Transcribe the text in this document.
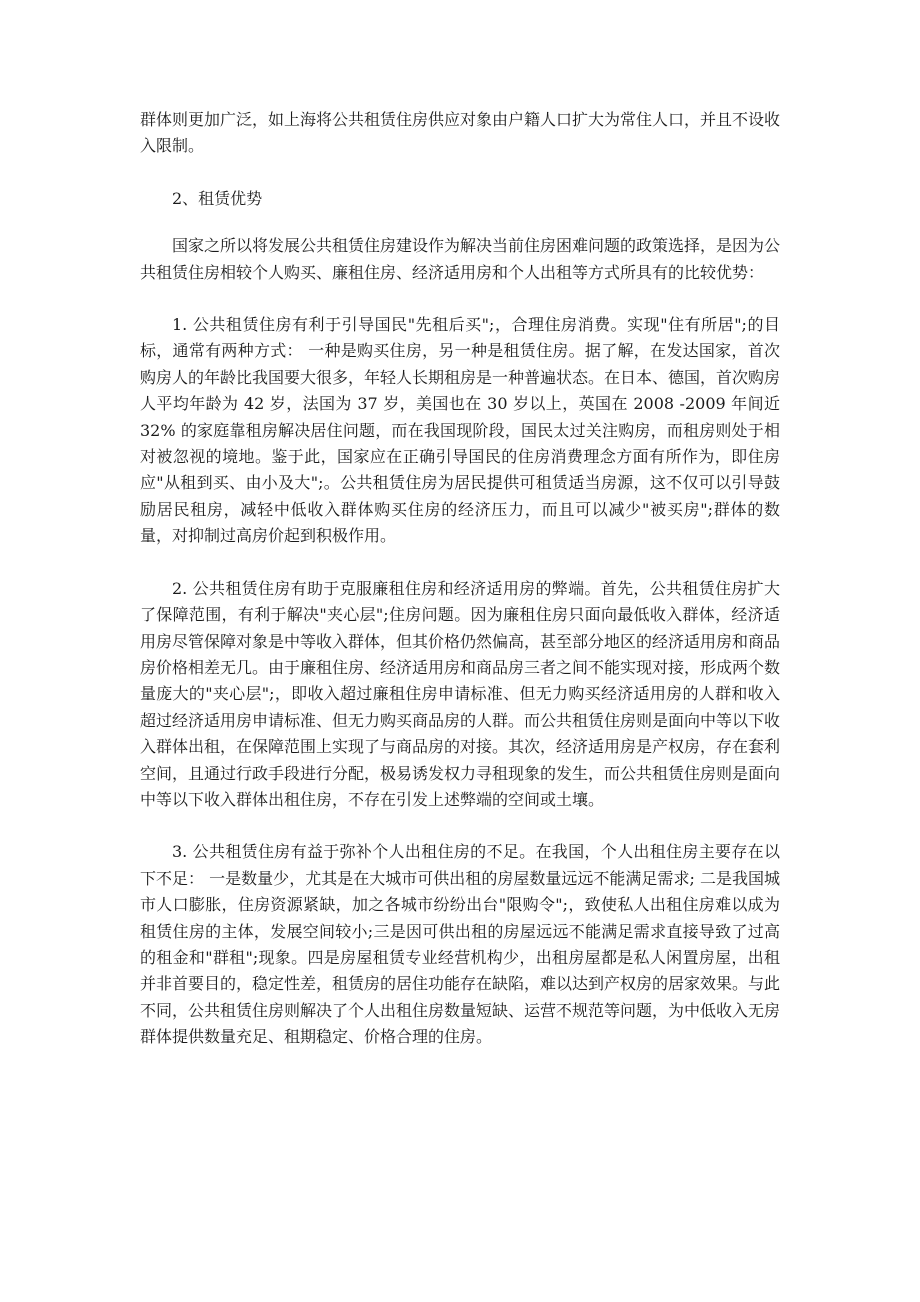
群体则更加广泛，如上海将公共租赁住房供应对象由户籍人口扩大为常住人口，并且不设收入限制。

2、租赁优势

国家之所以将发展公共租赁住房建设作为解决当前住房困难问题的政策选择，是因为公共租赁住房相较个人购买、廉租住房、经济适用房和个人出租等方式所具有的比较优势：

1. 公共租赁住房有利于引导国民"先租后买";，合理住房消费。实现"住有所居";的目标，通常有两种方式： 一种是购买住房，另一种是租赁住房。据了解，在发达国家，首次购房人的年龄比我国要大很多，年轻人长期租房是一种普遍状态。在日本、德国，首次购房人平均年龄为 42 岁，法国为 37 岁，美国也在 30 岁以上，英国在 2008 -2009 年间近 32% 的家庭靠租房解决居住问题，而在我国现阶段，国民太过关注购房，而租房则处于相对被忽视的境地。鉴于此，国家应在正确引导国民的住房消费理念方面有所作为，即住房应"从租到买、由小及大";。公共租赁住房为居民提供可租赁适当房源，这不仅可以引导鼓励居民租房，减轻中低收入群体购买住房的经济压力，而且可以减少"被买房";群体的数量，对抑制过高房价起到积极作用。

2. 公共租赁住房有助于克服廉租住房和经济适用房的弊端。首先，公共租赁住房扩大了保障范围，有利于解决"夹心层";住房问题。因为廉租住房只面向最低收入群体，经济适用房尽管保障对象是中等收入群体，但其价格仍然偏高，甚至部分地区的经济适用房和商品房价格相差无几。由于廉租住房、经济适用房和商品房三者之间不能实现对接，形成两个数量庞大的"夹心层";，即收入超过廉租住房申请标准、但无力购买经济适用房的人群和收入超过经济适用房申请标准、但无力购买商品房的人群。而公共租赁住房则是面向中等以下收入群体出租，在保障范围上实现了与商品房的对接。其次，经济适用房是产权房，存在套利空间，且通过行政手段进行分配，极易诱发权力寻租现象的发生，而公共租赁住房则是面向中等以下收入群体出租住房，不存在引发上述弊端的空间或土壤。

3. 公共租赁住房有益于弥补个人出租住房的不足。在我国，个人出租住房主要存在以下不足： 一是数量少，尤其是在大城市可供出租的房屋数量远远不能满足需求; 二是我国城市人口膨胀，住房资源紧缺，加之各城市纷纷出台"限购令";，致使私人出租住房难以成为租赁住房的主体，发展空间较小;三是因可供出租的房屋远远不能满足需求直接导致了过高的租金和"群租";现象。四是房屋租赁专业经营机构少，出租房屋都是私人闲置房屋，出租并非首要目的，稳定性差，租赁房的居住功能存在缺陷，难以达到产权房的居家效果。与此不同，公共租赁住房则解决了个人出租住房数量短缺、运营不规范等问题，为中低收入无房群体提供数量充足、租期稳定、价格合理的住房。
